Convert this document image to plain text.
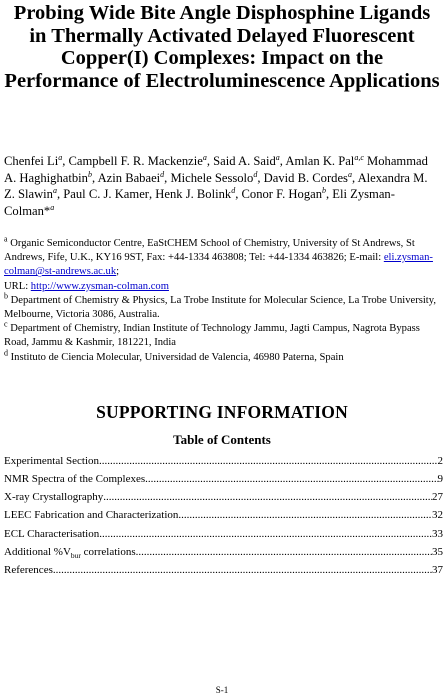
Probing Wide Bite Angle Disphosphine Ligands in Thermally Activated Delayed Fluorescent Copper(I) Complexes: Impact on the Performance of Electroluminescence Applications
Chenfei Li$^a$, Campbell F. R. Mackenzie$^a$, Said A. Said$^a$, Amlan K. Pal$^{a,c}$ Mohammad A. Haghighatbin$^b$, Azin Babaei$^d$, Michele Sessolo$^d$, David B. Cordes$^a$, Alexandra M. Z. Slawin$^a$, Paul C. J. Kamer, Henk J. Bolink$^d$, Conor F. Hogan$^b$, Eli Zysman-Colman*$^a$
$^a$ Organic Semiconductor Centre, EaStCHEM School of Chemistry, University of St Andrews, St Andrews, Fife, U.K., KY16 9ST, Fax: +44-1334 463808; Tel: +44-1334 463826; E-mail: eli.zysman-colman@st-andrews.ac.uk;
URL: http://www.zysman-colman.com
$^b$ Department of Chemistry & Physics, La Trobe Institute for Molecular Science, La Trobe University, Melbourne, Victoria 3086, Australia.
$^c$ Department of Chemistry, Indian Institute of Technology Jammu, Jagti Campus, Nagrota Bypass Road, Jammu & Kashmir, 181221, India
$^d$ Instituto de Ciencia Molecular, Universidad de Valencia, 46980 Paterna, Spain
SUPPORTING INFORMATION
Table of Contents
Experimental Section .....	2
NMR Spectra of the Complexes .....	9
X-ray Crystallography .....	27
LEEC Fabrication and Characterization .....	32
ECL Characterisation .....	33
Additional $\%V_{bur}$ correlations .....	35
References .....	37
S-1
